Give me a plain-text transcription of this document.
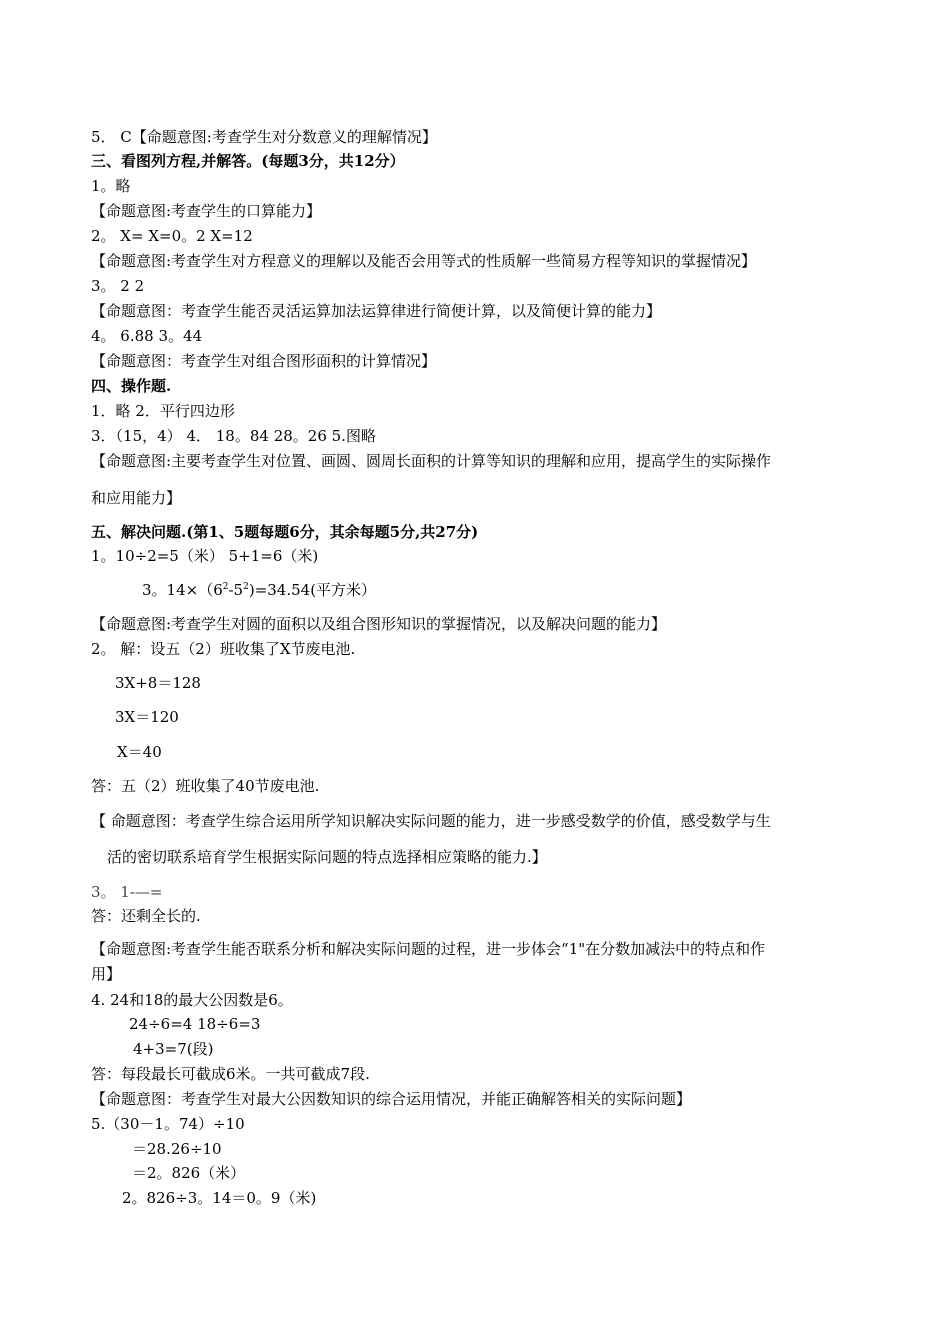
5． C【命题意图:考查学生对分数意义的理解情况】
三、看图列方程,并解答。(每题3分，共12分）
1。略
【命题意图:考查学生的口算能力】
2。 X= X=0。2 X=12
【命题意图:考查学生对方程意义的理解以及能否会用等式的性质解一些简易方程等知识的掌握情况】
3。 2 2
【命题意图：考查学生能否灵活运算加法运算律进行简便计算，以及简便计算的能力】
4。 6.88 3。44
【命题意图：考查学生对组合图形面积的计算情况】
四、操作题.
1．略 2．平行四边形
3．（15，4） 4． 18。84 28。26 5.图略
【命题意图:主要考查学生对位置、画圆、圆周长面积的计算等知识的理解和应用，提高学生的实际操作
和应用能力】
五、解决问题.(第1、5题每题6分，其余每题5分,共27分)
1。10÷2=5（米） 5+1=6（米)
3。$14\times(6^2-5^2)=34.54$(平方米）
【命题意图:考查学生对圆的面积以及组合图形知识的掌握情况，以及解决问题的能力】
2。 解：设五（2）班收集了X节废电池.
3X+8＝128
3X＝120
X＝40
答：五（2）班收集了40节废电池.
【 命题意图：考查学生综合运用所学知识解决实际问题的能力，进一步感受数学的价值，感受数学与生
活的密切联系培育学生根据实际问题的特点选择相应策略的能力.】
3。 1-—=
答：还剩全长的.
【命题意图:考查学生能否联系分析和解决实际问题的过程，进一步体会“1"在分数加减法中的特点和作
用】
4. 24和18的最大公因数是6。
24÷6=4 18÷6=3
4+3=7(段)
答：每段最长可截成6米。一共可截成7段.
【命题意图：考查学生对最大公因数知识的综合运用情况，并能正确解答相关的实际问题】
5.（30－1。74）÷10
＝28.26÷10
＝2。826（米）
2。826÷3。14＝0。9（米)
